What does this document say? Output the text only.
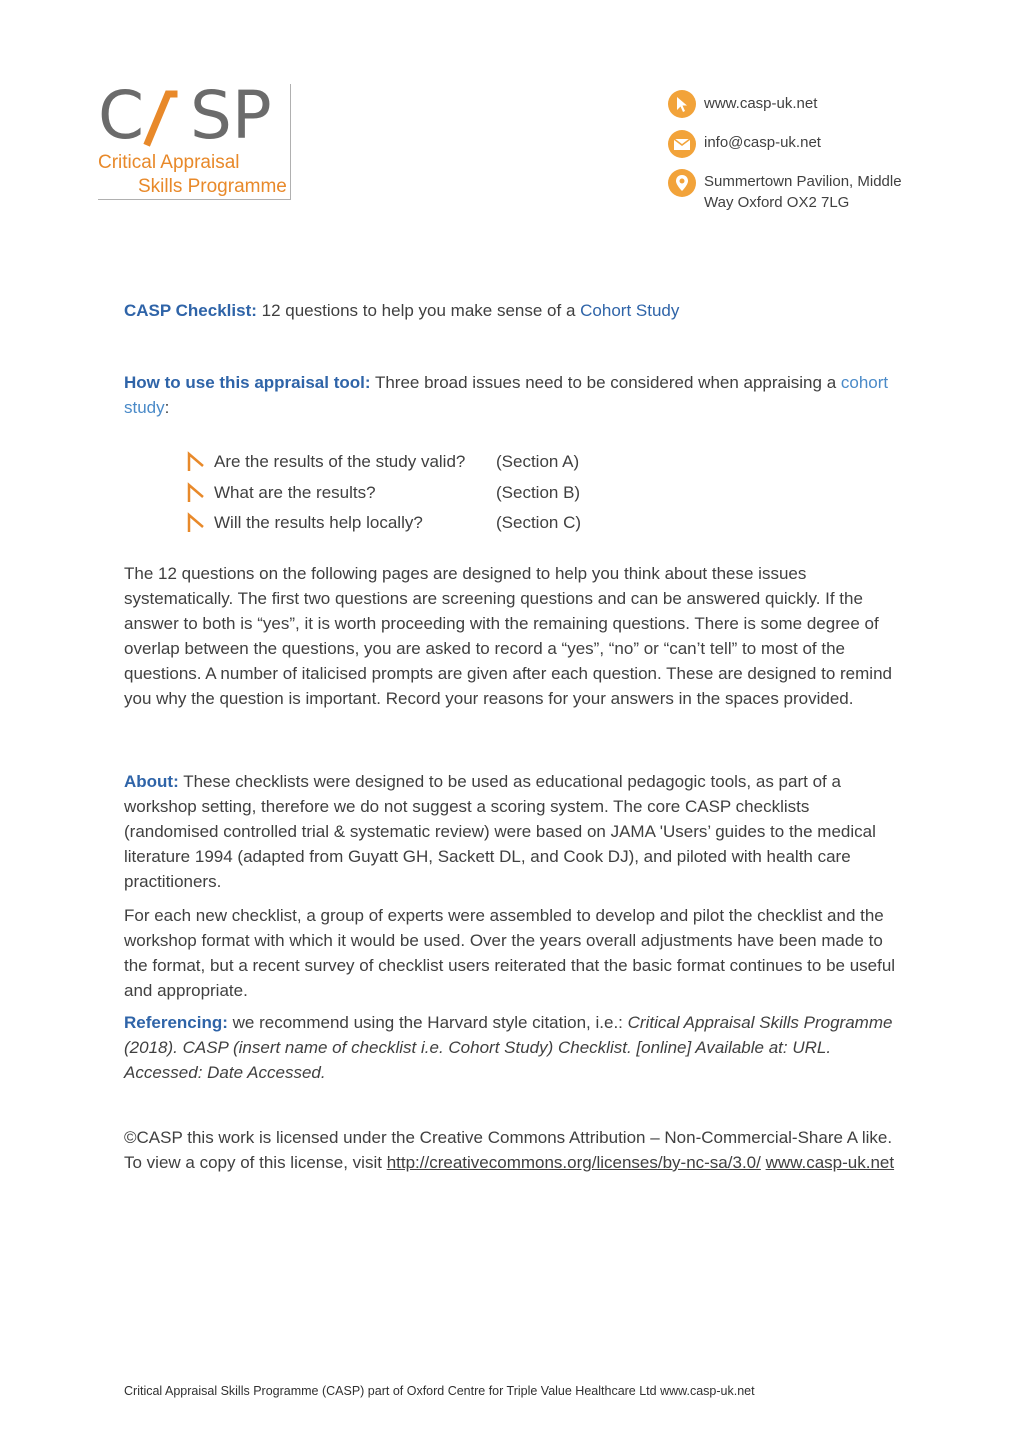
C SP
Critical Appraisal
Skills Programme
www.casp-uk.net
info@casp-uk.net
Summertown Pavilion, Middle Way Oxford OX2 7LG
CASP Checklist: 12 questions to help you make sense of a Cohort Study
How to use this appraisal tool: Three broad issues need to be considered when appraising a cohort study:
Are the results of the study valid?	(Section A)
What are the results?	(Section B)
Will the results help locally?	(Section C)
The 12 questions on the following pages are designed to help you think about these issues systematically. The first two questions are screening questions and can be answered quickly. If the answer to both is “yes”, it is worth proceeding with the remaining questions. There is some degree of overlap between the questions, you are asked to record a “yes”, “no” or “can’t tell” to most of the questions. A number of italicised prompts are given after each question. These are designed to remind you why the question is important. Record your reasons for your answers in the spaces provided.
About: These checklists were designed to be used as educational pedagogic tools, as part of a workshop setting, therefore we do not suggest a scoring system. The core CASP checklists (randomised controlled trial & systematic review) were based on JAMA 'Users’ guides to the medical literature 1994 (adapted from Guyatt GH, Sackett DL, and Cook DJ), and piloted with health care practitioners.
For each new checklist, a group of experts were assembled to develop and pilot the checklist and the workshop format with which it would be used. Over the years overall adjustments have been made to the format, but a recent survey of checklist users reiterated that the basic format continues to be useful and appropriate.
Referencing: we recommend using the Harvard style citation, i.e.: Critical Appraisal Skills Programme (2018). CASP (insert name of checklist i.e. Cohort Study) Checklist. [online] Available at: URL. Accessed: Date Accessed.
©CASP this work is licensed under the Creative Commons Attribution – Non-Commercial-Share A like. To view a copy of this license, visit http://creativecommons.org/licenses/by-nc-sa/3.0/ www.casp-uk.net
Critical Appraisal Skills Programme (CASP) part of Oxford Centre for Triple Value Healthcare Ltd www.casp-uk.net
